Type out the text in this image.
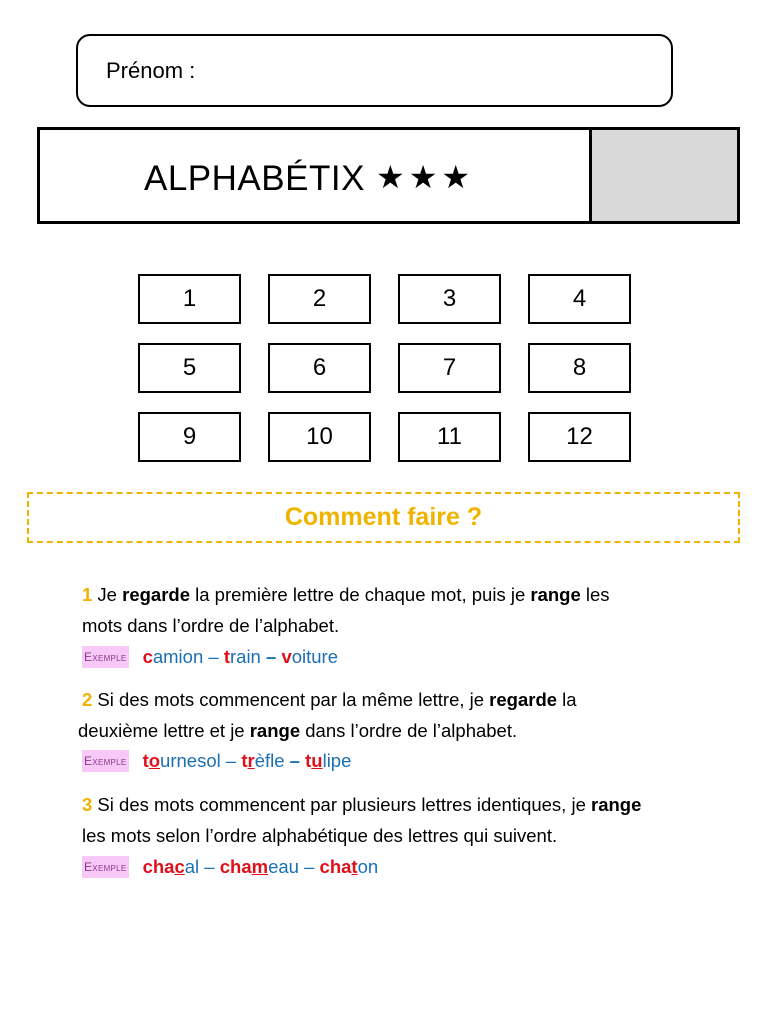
Prénom :
ALPHABÉTIX ★★★
1	2	3	4
5	6	7	8
9	10	11	12
Comment faire ?
1 Je regarde la première lettre de chaque mot, puis je range les
mots dans l’ordre de l’alphabet.
Exemple c amion – t rain – v oiture
2 Si des mots commencent par la même lettre, je regarde la
deuxième lettre et je range dans l’ordre de l’alphabet.
Exemple t o urnesol – t r èfle – t u lipe
3 Si des mots commencent par plusieurs lettres identiques, je range
les mots selon l’ordre alphabétique des lettres qui suivent.
Exemple cha c al – cha m eau – cha t on
